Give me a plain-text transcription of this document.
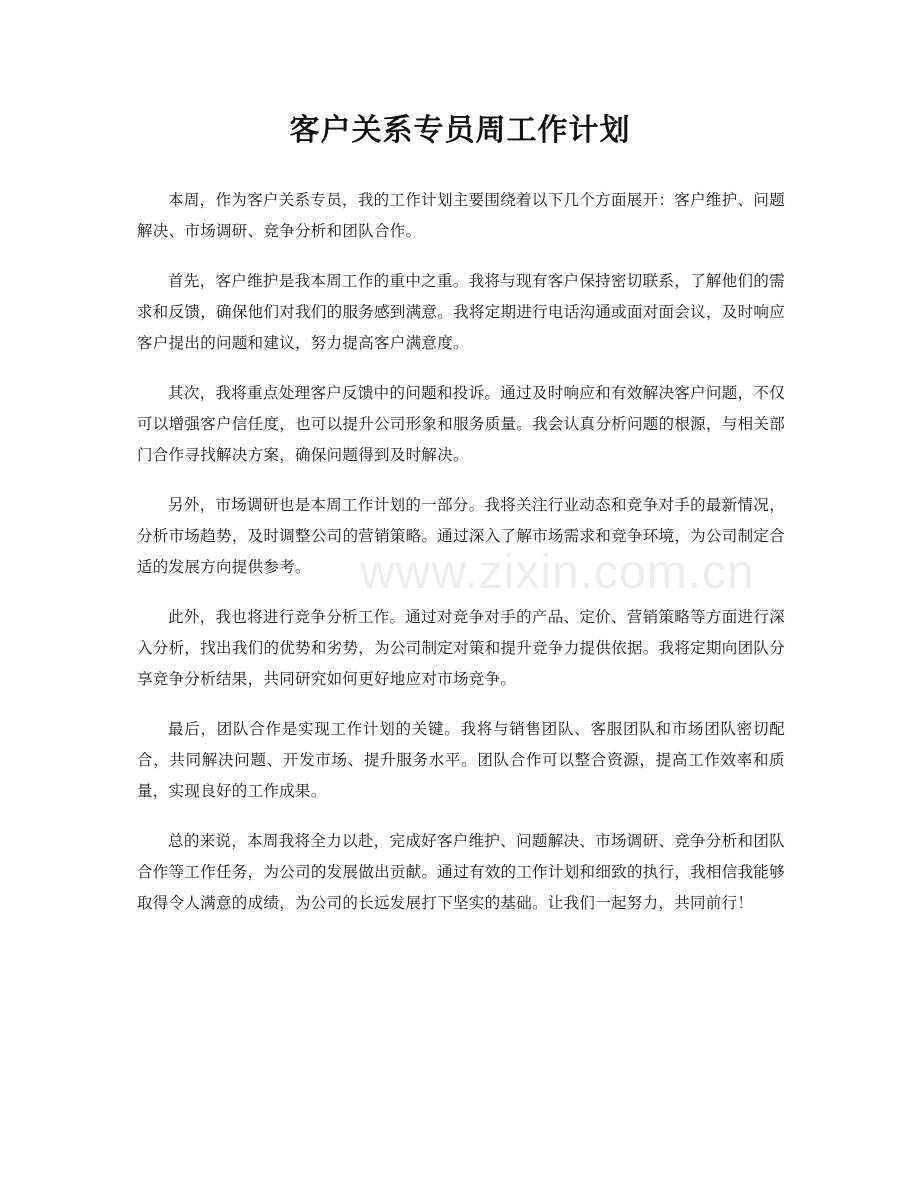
客户关系专员周工作计划

本周，作为客户关系专员，我的工作计划主要围绕着以下几个方面展开：客户维护、问题解决、市场调研、竞争分析和团队合作。

首先，客户维护是我本周工作的重中之重。我将与现有客户保持密切联系，了解他们的需求和反馈，确保他们对我们的服务感到满意。我将定期进行电话沟通或面对面会议，及时响应客户提出的问题和建议，努力提高客户满意度。

其次，我将重点处理客户反馈中的问题和投诉。通过及时响应和有效解决客户问题，不仅可以增强客户信任度，也可以提升公司形象和服务质量。我会认真分析问题的根源，与相关部门合作寻找解决方案，确保问题得到及时解决。

另外，市场调研也是本周工作计划的一部分。我将关注行业动态和竞争对手的最新情况，分析市场趋势，及时调整公司的营销策略。通过深入了解市场需求和竞争环境，为公司制定合适的发展方向提供参考。

此外，我也将进行竞争分析工作。通过对竞争对手的产品、定价、营销策略等方面进行深入分析，找出我们的优势和劣势，为公司制定对策和提升竞争力提供依据。我将定期向团队分享竞争分析结果，共同研究如何更好地应对市场竞争。

最后，团队合作是实现工作计划的关键。我将与销售团队、客服团队和市场团队密切配合，共同解决问题、开发市场、提升服务水平。团队合作可以整合资源，提高工作效率和质量，实现良好的工作成果。

总的来说，本周我将全力以赴，完成好客户维护、问题解决、市场调研、竞争分析和团队合作等工作任务，为公司的发展做出贡献。通过有效的工作计划和细致的执行，我相信我能够取得令人满意的成绩，为公司的长远发展打下坚实的基础。让我们一起努力，共同前行！

www.zixin.com.cn
